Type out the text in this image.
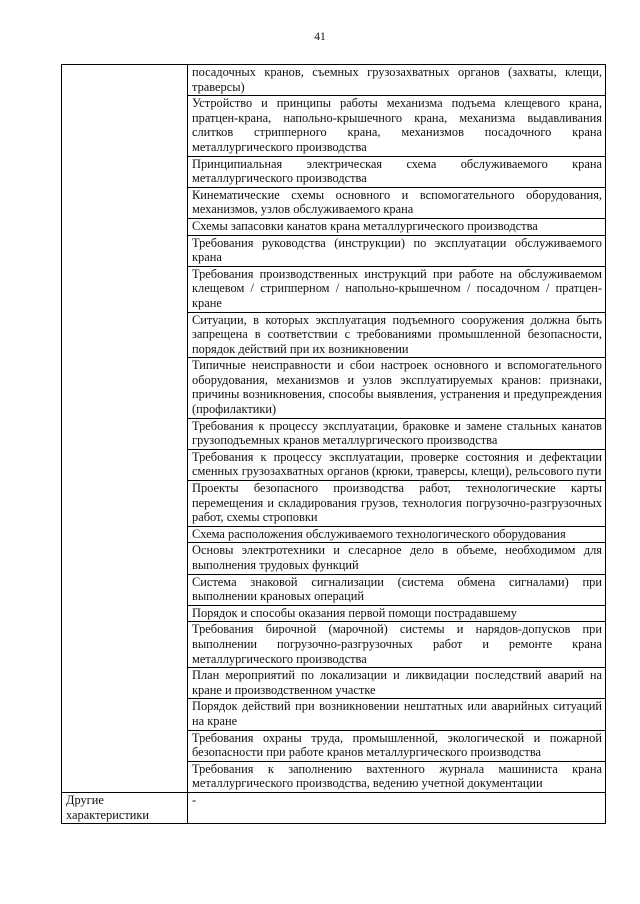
41

	посадочных кранов, съемных грузозахватных органов (захваты, клещи, траверсы)

	Устройство и принципы работы механизма подъема клещевого крана, пратцен-крана, напольно-крышечного крана, механизма выдавливания слитков стрипперного крана, механизмов посадочного крана металлургического производства

	Принципиальная электрическая схема обслуживаемого крана металлургического производства

	Кинематические схемы основного и вспомогательного оборудования, механизмов, узлов обслуживаемого крана

	Схемы запасовки канатов крана металлургического производства

	Требования руководства (инструкции) по эксплуатации обслуживаемого крана

	Требования производственных инструкций при работе на обслуживаемом клещевом / стрипперном / напольно-крышечном / посадочном / пратцен-кране

	Ситуации, в которых эксплуатация подъемного сооружения должна быть запрещена в соответствии с требованиями промышленной безопасности, порядок действий при их возникновении

	Типичные неисправности и сбои настроек основного и вспомогательного оборудования, механизмов и узлов эксплуатируемых кранов: признаки, причины возникновения, способы выявления, устранения и предупреждения (профилактики)

	Требования к процессу эксплуатации, браковке и замене стальных канатов грузоподъемных кранов металлургического производства

	Требования к процессу эксплуатации, проверке состояния и дефектации сменных грузозахватных органов (крюки, траверсы, клещи), рельсового пути

	Проекты безопасного производства работ, технологические карты перемещения и складирования грузов, технология погрузочно-разгрузочных работ, схемы строповки

	Схема расположения обслуживаемого технологического оборудования

	Основы электротехники и слесарное дело в объеме, необходимом для выполнения трудовых функций

	Система знаковой сигнализации (система обмена сигналами) при выполнении крановых операций

	Порядок и способы оказания первой помощи пострадавшему

	Требования бирочной (марочной) системы и нарядов-допусков при выполнении погрузочно-разгрузочных работ и ремонте крана металлургического производства

	План мероприятий по локализации и ликвидации последствий аварий на кране и производственном участке

	Порядок действий при возникновении нештатных или аварийных ситуаций на кране

	Требования охраны труда, промышленной, экологической и пожарной безопасности при работе кранов металлургического производства

	Требования к заполнению вахтенного журнала машиниста крана металлургического производства, ведению учетной документации

Другие характеристики	-
